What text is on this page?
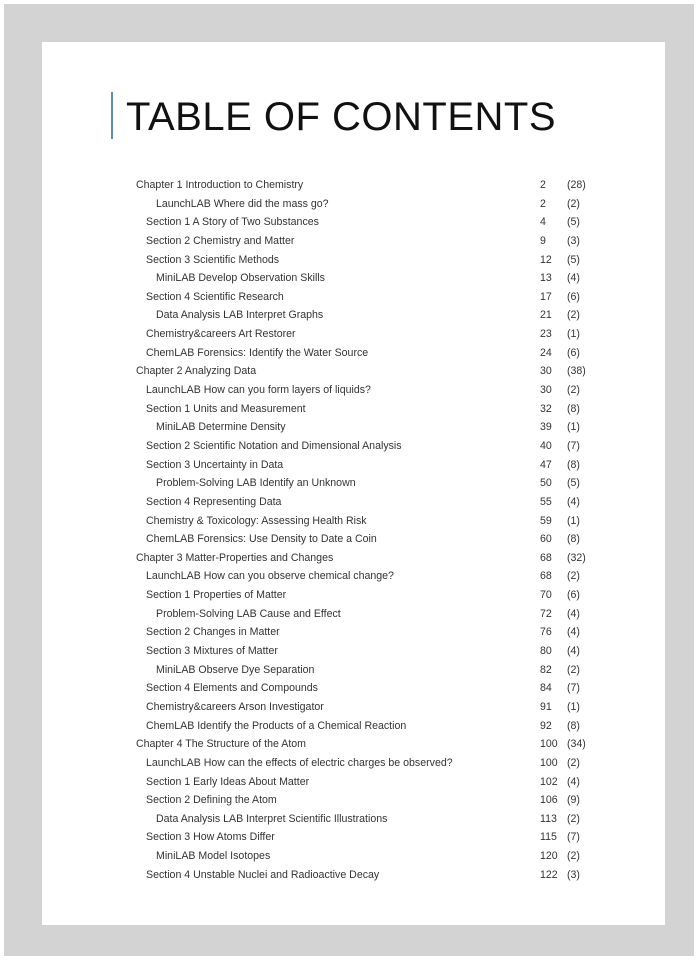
TABLE OF CONTENTS
Chapter 1 Introduction to Chemistry	2 (28)
LaunchLAB Where did the mass go?	2 (2)
Section 1 A Story of Two Substances	4 (5)
Section 2 Chemistry and Matter	9 (3)
Section 3 Scientific Methods	12 (5)
MiniLAB Develop Observation Skills	13 (4)
Section 4 Scientific Research	17 (6)
Data Analysis LAB Interpret Graphs	21 (2)
Chemistry&careers Art Restorer	23 (1)
ChemLAB Forensics: Identify the Water Source	24 (6)
Chapter 2 Analyzing Data	30 (38)
LaunchLAB How can you form layers of liquids?	30 (2)
Section 1 Units and Measurement	32 (8)
MiniLAB Determine Density	39 (1)
Section 2 Scientific Notation and Dimensional Analysis	40 (7)
Section 3 Uncertainty in Data	47 (8)
Problem-Solving LAB Identify an Unknown	50 (5)
Section 4 Representing Data	55 (4)
Chemistry & Toxicology: Assessing Health Risk	59 (1)
ChemLAB Forensics: Use Density to Date a Coin	60 (8)
Chapter 3 Matter-Properties and Changes	68 (32)
LaunchLAB How can you observe chemical change?	68 (2)
Section 1 Properties of Matter	70 (6)
Problem-Solving LAB Cause and Effect	72 (4)
Section 2 Changes in Matter	76 (4)
Section 3 Mixtures of Matter	80 (4)
MiniLAB Observe Dye Separation	82 (2)
Section 4 Elements and Compounds	84 (7)
Chemistry&careers Arson Investigator	91 (1)
ChemLAB Identify the Products of a Chemical Reaction	92 (8)
Chapter 4 The Structure of the Atom	100 (34)
LaunchLAB How can the effects of electric charges be observed?	100 (2)
Section 1 Early Ideas About Matter	102 (4)
Section 2 Defining the Atom	106 (9)
Data Analysis LAB Interpret Scientific Illustrations	113 (2)
Section 3 How Atoms Differ	115 (7)
MiniLAB Model Isotopes	120 (2)
Section 4 Unstable Nuclei and Radioactive Decay	122 (3)
